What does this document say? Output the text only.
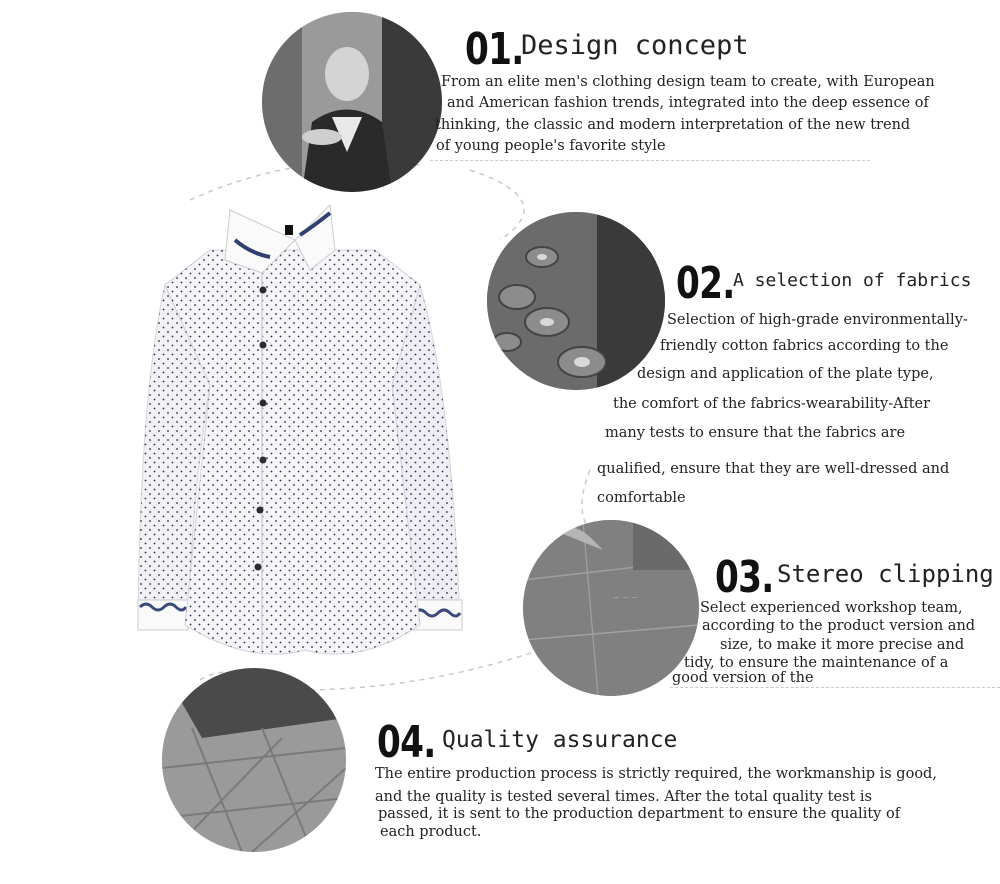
~ ~ ~
01.
Design concept
From an elite men's clothing design team to create, with European
and American fashion trends, integrated into the deep essence of
thinking, the classic and modern interpretation of the new trend
of young people's favorite style
02.
A selection of fabrics
Selection of high-grade environmentally-
friendly cotton fabrics according to the
design and application of the plate type,
the comfort of the fabrics-wearability-After
many tests to ensure that the fabrics are
qualified, ensure that they are well-dressed and
comfortable
03. Stereo clipping
Select experienced workshop team,
according to the product version and
size, to make it more precise and
tidy, to ensure the maintenance of a
good version of the
04. Quality assurance
The entire production process is strictly required, the workmanship is good,
and the quality is tested several times. After the total quality test is
passed, it is sent to the production department to ensure the quality of
each product.
